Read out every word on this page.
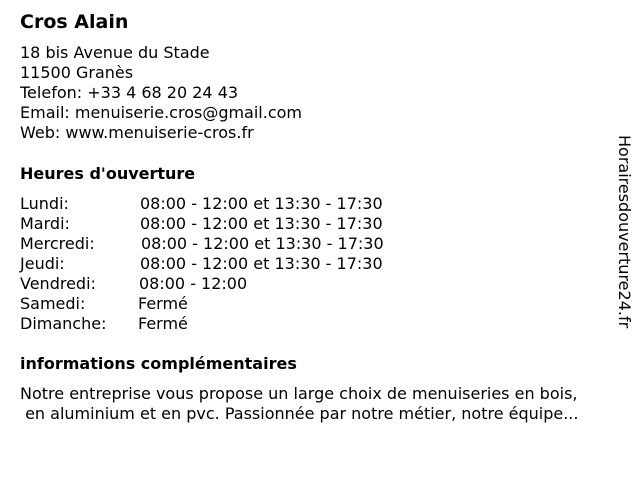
Cros Alain
18 bis Avenue du Stade
11500 Granès
Telefon: +33 4 68 20 24 43
Email: menuiserie.cros@gmail.com
Web: www.menuiserie-cros.fr
Heures d'ouverture
Lundi:	08:00 - 12:00 et 13:30 - 17:30
Mardi:	08:00 - 12:00 et 13:30 - 17:30
Mercredi:	08:00 - 12:00 et 13:30 - 17:30
Jeudi:	08:00 - 12:00 et 13:30 - 17:30
Vendredi:	08:00 - 12:00
Samedi:	Fermé
Dimanche: Fermé
informations complémentaires
Notre entreprise vous propose un large choix de menuiseries en bois,
en aluminium et en pvc. Passionnée par notre métier, notre équipe...
Horairesdouverture24.fr
